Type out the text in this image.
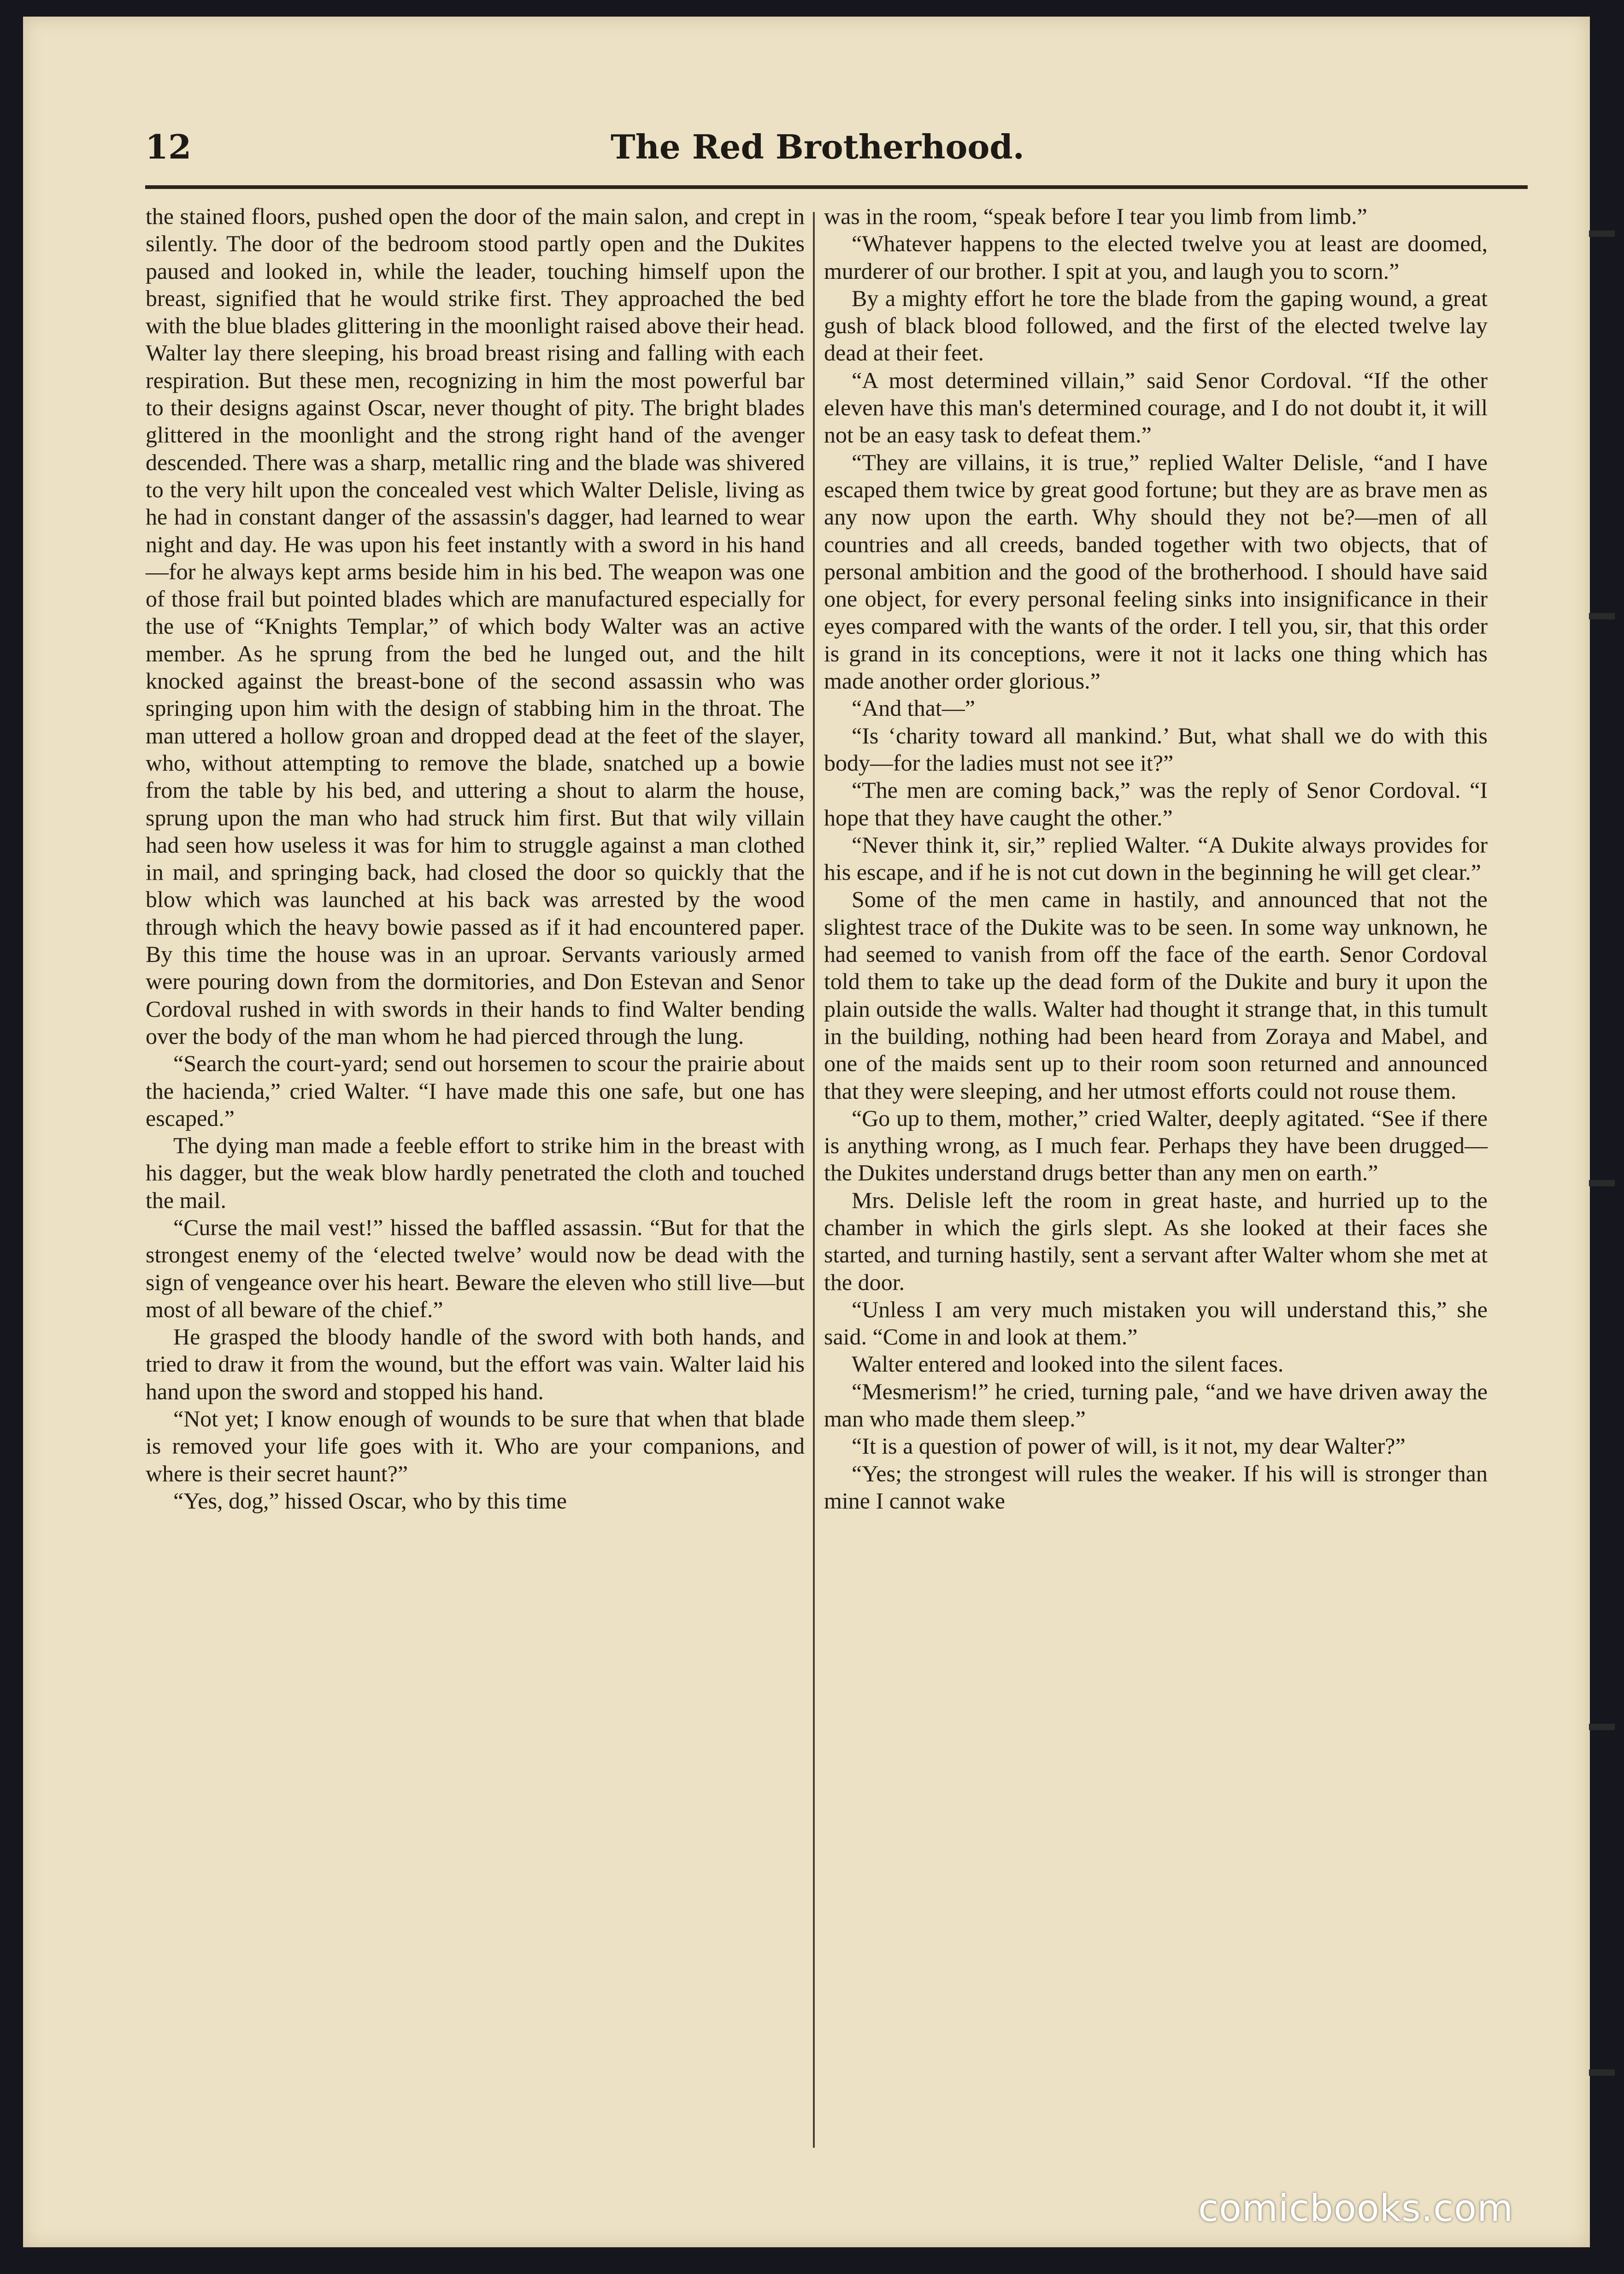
12	The Red Brotherhood.

the stained floors, pushed open the door of the main salon, and crept in silently. The door of the bedroom stood partly open and the Dukites paused and looked in, while the leader, touching himself upon the breast, signified that he would strike first. They approached the bed with the blue blades glittering in the moonlight raised above their head. Walter lay there sleeping, his broad breast rising and falling with each respiration. But these men, recognizing in him the most powerful bar to their designs against Oscar, never thought of pity. The bright blades glittered in the moonlight and the strong right hand of the avenger descended. There was a sharp, metallic ring and the blade was shivered to the very hilt upon the concealed vest which Walter Delisle, living as he had in constant danger of the assassin's dagger, had learned to wear night and day. He was upon his feet instantly with a sword in his hand—for he always kept arms beside him in his bed. The weapon was one of those frail but pointed blades which are manufactured especially for the use of “Knights Templar,” of which body Walter was an active member. As he sprung from the bed he lunged out, and the hilt knocked against the breast-bone of the second assassin who was springing upon him with the design of stabbing him in the throat. The man uttered a hollow groan and dropped dead at the feet of the slayer, who, without attempting to remove the blade, snatched up a bowie from the table by his bed, and uttering a shout to alarm the house, sprung upon the man who had struck him first. But that wily villain had seen how useless it was for him to struggle against a man clothed in mail, and springing back, had closed the door so quickly that the blow which was launched at his back was arrested by the wood through which the heavy bowie passed as if it had encountered paper. By this time the house was in an uproar. Servants variously armed were pouring down from the dormitories, and Don Estevan and Senor Cordoval rushed in with swords in their hands to find Walter bending over the body of the man whom he had pierced through the lung.

“Search the court-yard; send out horsemen to scour the prairie about the hacienda,” cried Walter. “I have made this one safe, but one has escaped.”

The dying man made a feeble effort to strike him in the breast with his dagger, but the weak blow hardly penetrated the cloth and touched the mail.

“Curse the mail vest!” hissed the baffled assassin. “But for that the strongest enemy of the ‘elected twelve’ would now be dead with the sign of vengeance over his heart. Beware the eleven who still live—but most of all beware of the chief.”

He grasped the bloody handle of the sword with both hands, and tried to draw it from the wound, but the effort was vain. Walter laid his hand upon the sword and stopped his hand.

“Not yet; I know enough of wounds to be sure that when that blade is removed your life goes with it. Who are your companions, and where is their secret haunt?”

“Yes, dog,” hissed Oscar, who by this time

was in the room, “speak before I tear you limb from limb.”

“Whatever happens to the elected twelve you at least are doomed, murderer of our brother. I spit at you, and laugh you to scorn.”

By a mighty effort he tore the blade from the gaping wound, a great gush of black blood followed, and the first of the elected twelve lay dead at their feet.

“A most determined villain,” said Senor Cordoval. “If the other eleven have this man's determined courage, and I do not doubt it, it will not be an easy task to defeat them.”

“They are villains, it is true,” replied Walter Delisle, “and I have escaped them twice by great good fortune; but they are as brave men as any now upon the earth. Why should they not be?—men of all countries and all creeds, banded together with two objects, that of personal ambition and the good of the brotherhood. I should have said one object, for every personal feeling sinks into insignificance in their eyes compared with the wants of the order. I tell you, sir, that this order is grand in its conceptions, were it not it lacks one thing which has made another order glorious.”

“And that—”

“Is ‘charity toward all mankind.’ But, what shall we do with this body—for the ladies must not see it?”

“The men are coming back,” was the reply of Senor Cordoval. “I hope that they have caught the other.”

“Never think it, sir,” replied Walter. “A Dukite always provides for his escape, and if he is not cut down in the beginning he will get clear.”

Some of the men came in hastily, and announced that not the slightest trace of the Dukite was to be seen. In some way unknown, he had seemed to vanish from off the face of the earth. Senor Cordoval told them to take up the dead form of the Dukite and bury it upon the plain outside the walls. Walter had thought it strange that, in this tumult in the building, nothing had been heard from Zoraya and Mabel, and one of the maids sent up to their room soon returned and announced that they were sleeping, and her utmost efforts could not rouse them.

“Go up to them, mother,” cried Walter, deeply agitated. “See if there is anything wrong, as I much fear. Perhaps they have been drugged—the Dukites understand drugs better than any men on earth.”

Mrs. Delisle left the room in great haste, and hurried up to the chamber in which the girls slept. As she looked at their faces she started, and turning hastily, sent a servant after Walter whom she met at the door.

“Unless I am very much mistaken you will understand this,” she said. “Come in and look at them.”

Walter entered and looked into the silent faces.

“Mesmerism!” he cried, turning pale, “and we have driven away the man who made them sleep.”

“It is a question of power of will, is it not, my dear Walter?”

“Yes; the strongest will rules the weaker. If his will is stronger than mine I cannot wake

comicbooks.com
